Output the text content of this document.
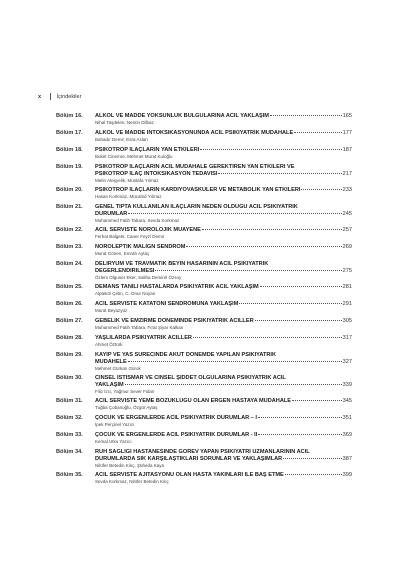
x	İçindekiler
Bölüm 16.	ALKOL VE MADDE YOKSUNLUK BULGULARINA ACİL YAKLAŞIM	165
Nihal Taşdelen, Nesrin Dilbaz
Bölüm 17.	ALKOL VE MADDE İNTOKSİKASYONUNDA ACİL PSİKİYATRİK MÜDAHALE	177
Bahadır Demir, Esra Aslan
Bölüm 18.	PSİKOTROP İLAÇLARIN YAN ETKİLERİ	187
Buket Cinemre, Mehmet Murat Kuloğlu
Bölüm 19.	PSİKOTROP İLAÇLARIN ACİL MÜDAHALE GEREKTİREN YAN ETKİLERİ VE
PSİKOTROP İLAÇ İNTOKSİKASYON TEDAVİSİ	217
Metin Ateşyelik, Mustafa Yılmaz
Bölüm 20.	PSİKOTROP İLAÇLARIN KARDİYOVASKÜLER VE METABOLİK YAN ETKİLERİ	233
Hasan Korkmaz, Mücahid Yılmaz
Bölüm 21.	GENEL TIPTA KULLANILAN İLAÇLARIN NEDEN OLDUĞU ACİL PSİKİYATRİK
DURUMLAR	245
Muhammed Fatih Tabara, Sevda Korkmaz
Bölüm 22.	ACİL SERVİSTE NÖROLOJİK MUAYENE	257
Ferhat Balgetir, Caner Feyzi Demir
Bölüm 23.	NÖROLEPTİK MALİGN SENDROM	269
Murat Gönen, Emrah Aytaç
Bölüm 24.	DELİRYUM VE TRAVMATİK BEYİN HASARININ ACİL PSİKİYATRİK
DEĞERLENDİRİLMESİ	275
Özlem Olguner Eker, Saliha Demirel Özsoy
Bölüm 25.	DEMANS TANILI HASTALARDA PSİKİYATRİK ACİL YAKLAŞIM	281
Alpteköi Çetin, C. Onur Noyan
Bölüm 26.	ACİL SERVİSTE KATATONİ SENDROMUNA YAKLAŞIM	291
Murat Beyazyüz
Bölüm 27.	GEBELİK VE EMZİRME DÖNEMİNDE PSİKİYATRİK ACİLLER	305
Muhammed Fatih Tabara, Fırat Şiyar Kalkan
Bölüm 28.	YAŞLILARDA PSİKİYATRİK ACİLLER	317
Ahmet Öztürk
Bölüm 29.	KAYIP VE YAS SÜRECİNDE AKUT DÖNEMDE YAPILAN PSİKİYATRİK
MÜDAHELE	327
Mehmet Gürkan Gürok
Bölüm 30.	CİNSEL İSTİSMAR VE CİNSEL ŞİDDET OLGULARINA PSİKİYATRİK ACİL
YAKLAŞIM	339
Filiz İzci, Yağmur Sever Fidan
Bölüm 31.	ACİL SERVİSTE YEME BOZUKLUĞU OLAN ERGEN HASTAYA MÜDAHALE	345
Tuğba Çobanoğlu, Özgür Aytaş
Bölüm 32.	ÇOCUK VE ERGENLERDE ACİL PSİKİYATRİK DURUMLAR – I	351
İpek Perçinel Yazıcı
Bölüm 33.	ÇOCUK VE ERGENLERDE ACİL PSİKİYATRİK DURUMLAR - II	369
Kemal Utku Yazıcı
Bölüm 34.	RUH SAĞLIĞI HASTANESİNDE GÖREV YAPAN PSİKİYATRİ UZMANLARININ ACİL
DURUMLARDA SIK KARŞILAŞTIKLARI SORUNLAR VE YAKLAŞIMLAR	387
Nilüfer Betedin Kılıç, Şüheda Kaya
Bölüm 35.	ACİL SERVİSTE AJİTASYONU OLAN HASTA YAKINLARI İLE BAŞ ETME	399
Sevda Korkmaz, Nilüfer Betedin Kılıç
